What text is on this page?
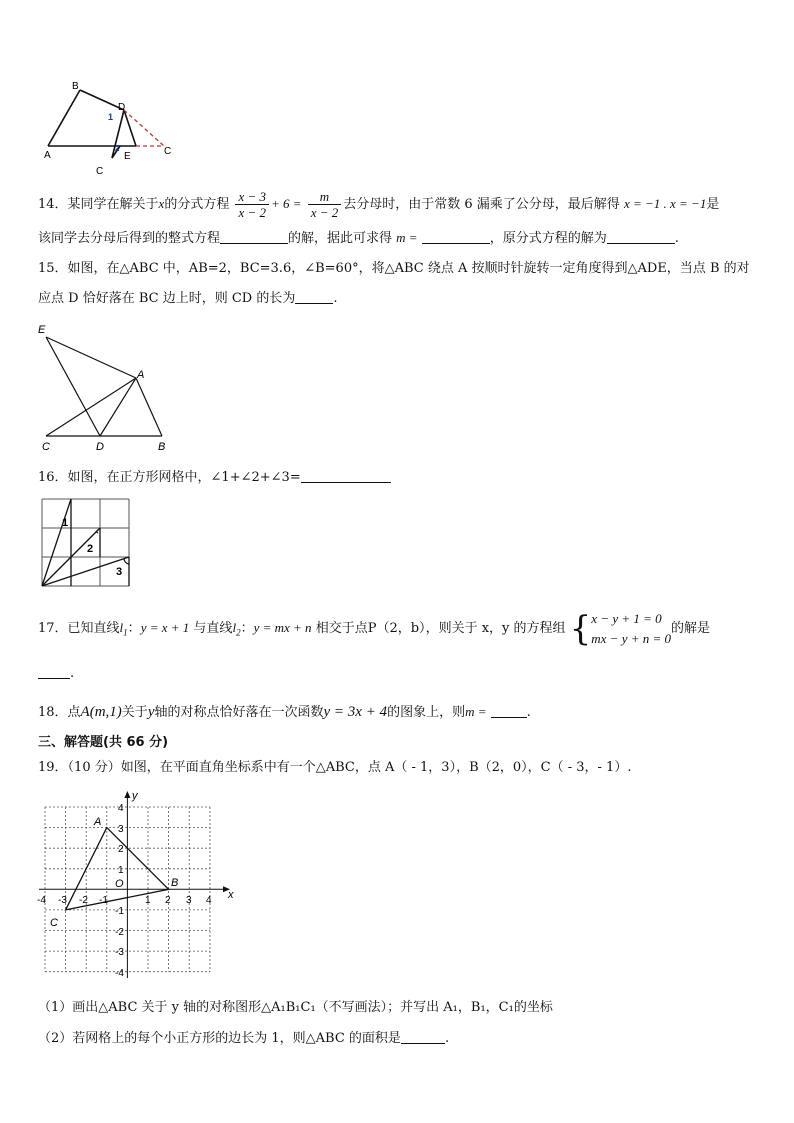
B
D
1
2
A	C
E
C
14．某同学在解关于x的分式方程 $\frac{x - 3}{x - 2} + 6 = \frac{m}{x - 2}$ 去分母时，由于常数 6 漏乘了公分母，最后解得 x = −1 . x = −1是
该同学去分母后得到的整式方程	的解，据此可求得 m =	，原分式方程的解为	.
15．如图，在△ABC 中，AB=2，BC=3.6，∠B=60°，将△ABC 绕点 A 按顺时针旋转一定角度得到△ADE，当点 B 的对
应点 D 恰好落在 BC 边上时，则 CD 的长为	.
E
A
C	D	B
16．如图，在正方形网格中，∠1+∠2+∠3=
1
2
3
17．已知直线$l_1$：y = x + 1 与直线$l_2$：y = mx + n 相交于点P（2，b），则关于 x，y 的方程组 { x − y + 1 = 0
mx − y + n = 0
的解是
.
18．点A(m,1)关于y轴的对称点恰好落在一次函数y = 3x + 4的图象上，则m =	.
三、解答题(共 66 分)
19．（10 分）如图，在平面直角坐标系中有一个△ABC，点 A（ - 1，3），B（2，0），C（ - 3，- 1）.
x
y
O
A
B
C
-4 -3 -2 -1	1 2 3 4
4
3
2
1
-1
-2
-3
-4
（1）画出△ABC 关于 y 轴的对称图形△A₁B₁C₁（不写画法）；并写出 A₁，B₁，C₁的坐标
（2）若网格上的每个小正方形的边长为 1，则△ABC 的面积是	.
